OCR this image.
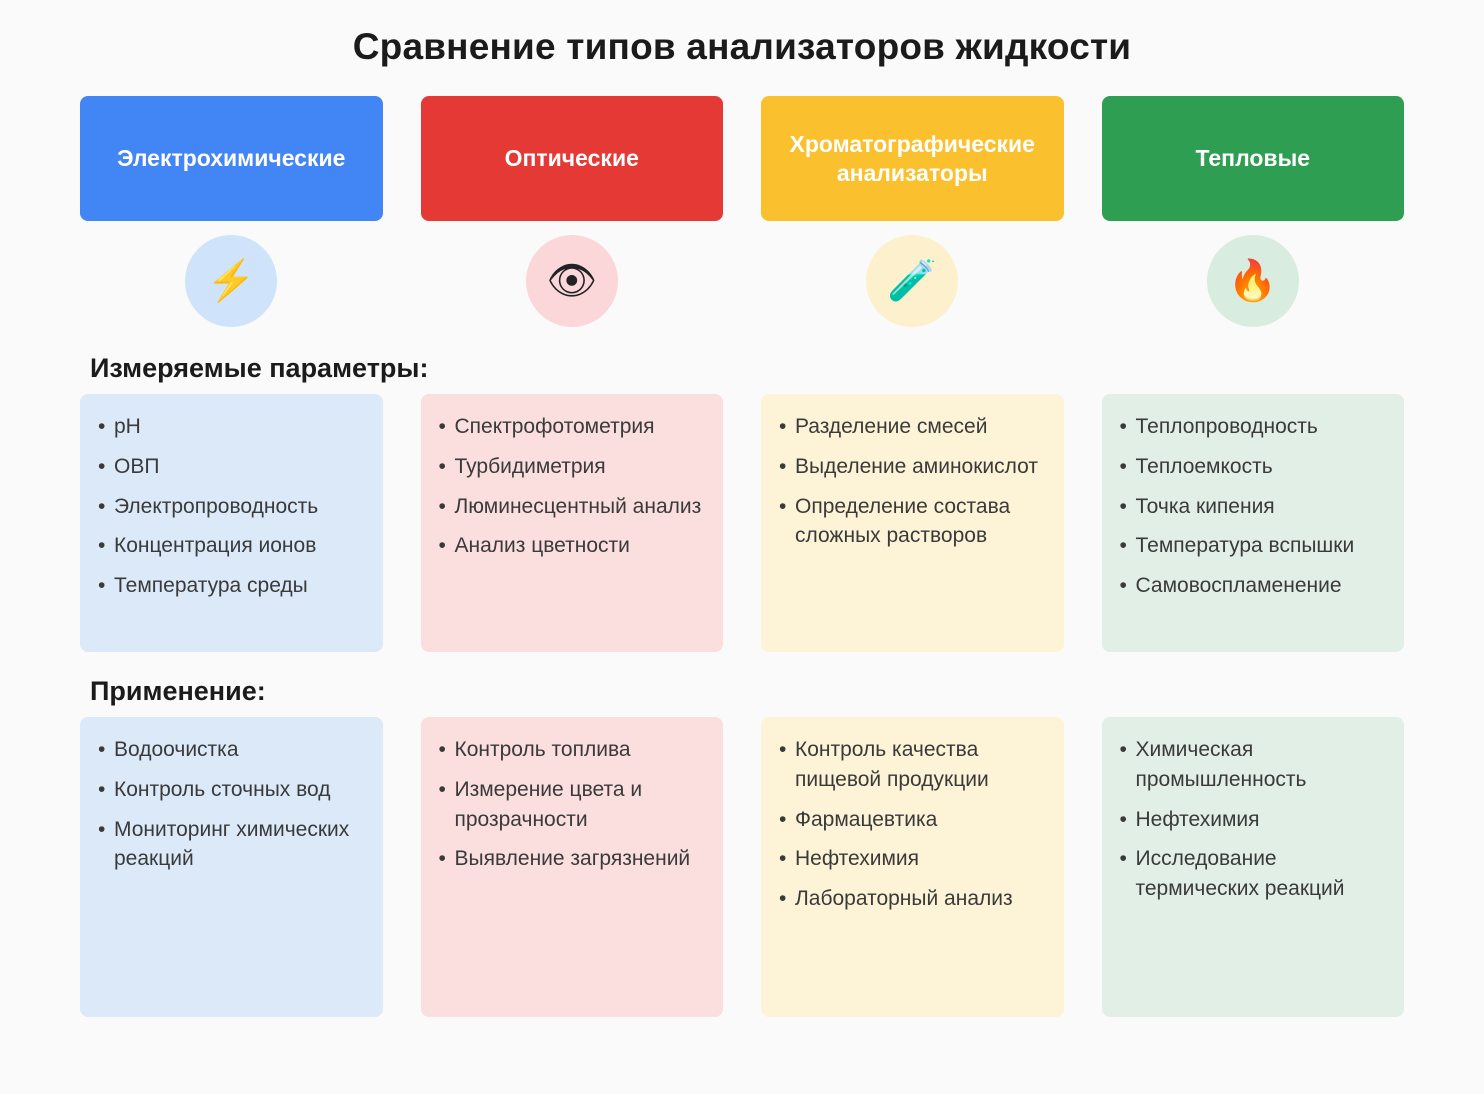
Сравнение типов анализаторов жидкости
Электрохимические
⚡
Оптические
👁
Хроматографические анализаторы
🧪
Тепловые
🔥
Измеряемые параметры:
• pH
• ОВП
• Электропроводность
• Концентрация ионов
• Температура среды
• Спектрофотометрия
• Турбидиметрия
• Люминесцентный анализ
• Анализ цветности
• Разделение смесей
• Выделение аминокислот
• Определение состава сложных растворов
• Теплопроводность
• Теплоемкость
• Точка кипения
• Температура вспышки
• Самовоспламенение
Применение:
• Водоочистка
• Контроль сточных вод
• Мониторинг химических реакций
• Контроль топлива
• Измерение цвета и прозрачности
• Выявление загрязнений
• Контроль качества пищевой продукции
• Фармацевтика
• Нефтехимия
• Лабораторный анализ
• Химическая промышленность
• Нефтехимия
• Исследование термических реакций
